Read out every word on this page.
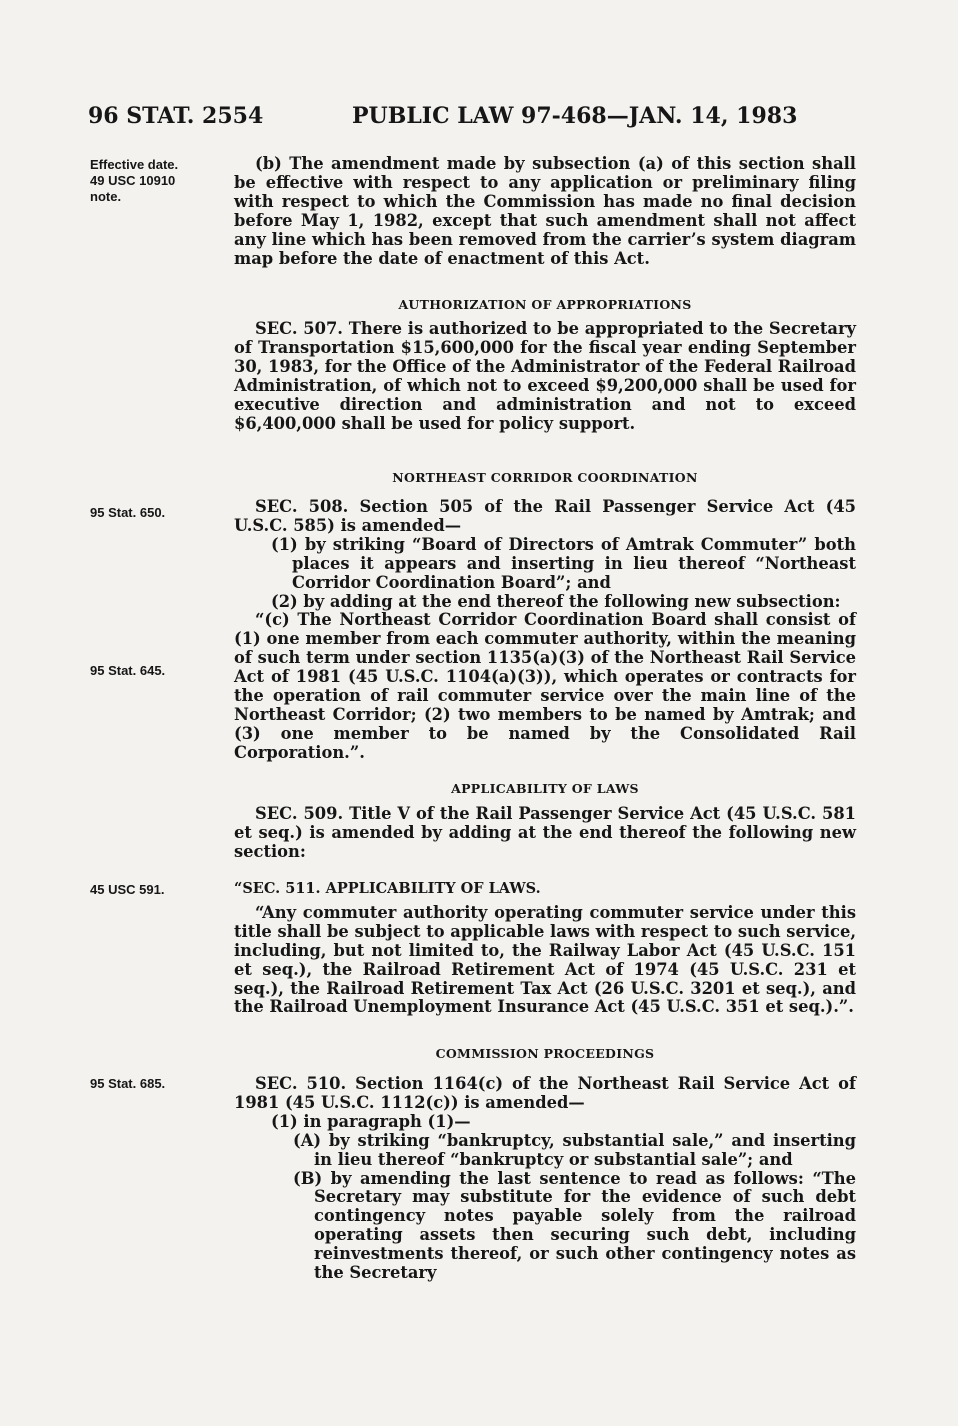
96 STAT. 2554	PUBLIC LAW 97-468—JAN. 14, 1983
Effective date.
49 USC 10910
note.
95 Stat. 650.
95 Stat. 645.
45 USC 591.
95 Stat. 685.

(b) The amendment made by subsection (a) of this section shall be effective with respect to any application or preliminary filing with respect to which the Commission has made no final decision before May 1, 1982, except that such amendment shall not affect any line which has been removed from the carrier’s system diagram map before the date of enactment of this Act.

AUTHORIZATION OF APPROPRIATIONS

SEC. 507. There is authorized to be appropriated to the Secretary of Transportation $15,600,000 for the fiscal year ending September 30, 1983, for the Office of the Administrator of the Federal Railroad Administration, of which not to exceed $9,200,000 shall be used for executive direction and administration and not to exceed $6,400,000 shall be used for policy support.

NORTHEAST CORRIDOR COORDINATION

SEC. 508. Section 505 of the Rail Passenger Service Act (45 U.S.C. 585) is amended—

(1) by striking “Board of Directors of Amtrak Commuter” both places it appears and inserting in lieu thereof “Northeast Corridor Coordination Board”; and

(2) by adding at the end thereof the following new subsection:

“(c) The Northeast Corridor Coordination Board shall consist of (1) one member from each commuter authority, within the meaning of such term under section 1135(a)(3) of the Northeast Rail Service Act of 1981 (45 U.S.C. 1104(a)(3)), which operates or contracts for the operation of rail commuter service over the main line of the Northeast Corridor; (2) two members to be named by Amtrak; and (3) one member to be named by the Consolidated Rail Corporation.”.

APPLICABILITY OF LAWS

SEC. 509. Title V of the Rail Passenger Service Act (45 U.S.C. 581 et seq.) is amended by adding at the end thereof the following new section:

“SEC. 511. APPLICABILITY OF LAWS.

“Any commuter authority operating commuter service under this title shall be subject to applicable laws with respect to such service, including, but not limited to, the Railway Labor Act (45 U.S.C. 151 et seq.), the Railroad Retirement Act of 1974 (45 U.S.C. 231 et seq.), the Railroad Retirement Tax Act (26 U.S.C. 3201 et seq.), and the Railroad Unemployment Insurance Act (45 U.S.C. 351 et seq.).”.

COMMISSION PROCEEDINGS

SEC. 510. Section 1164(c) of the Northeast Rail Service Act of 1981 (45 U.S.C. 1112(c)) is amended—

(1) in paragraph (1)—

(A) by striking “bankruptcy, substantial sale,” and inserting in lieu thereof “bankruptcy or substantial sale”; and

(B) by amending the last sentence to read as follows: “The Secretary may substitute for the evidence of such debt contingency notes payable solely from the railroad operating assets then securing such debt, including reinvestments thereof, or such other contingency notes as the Secretary
